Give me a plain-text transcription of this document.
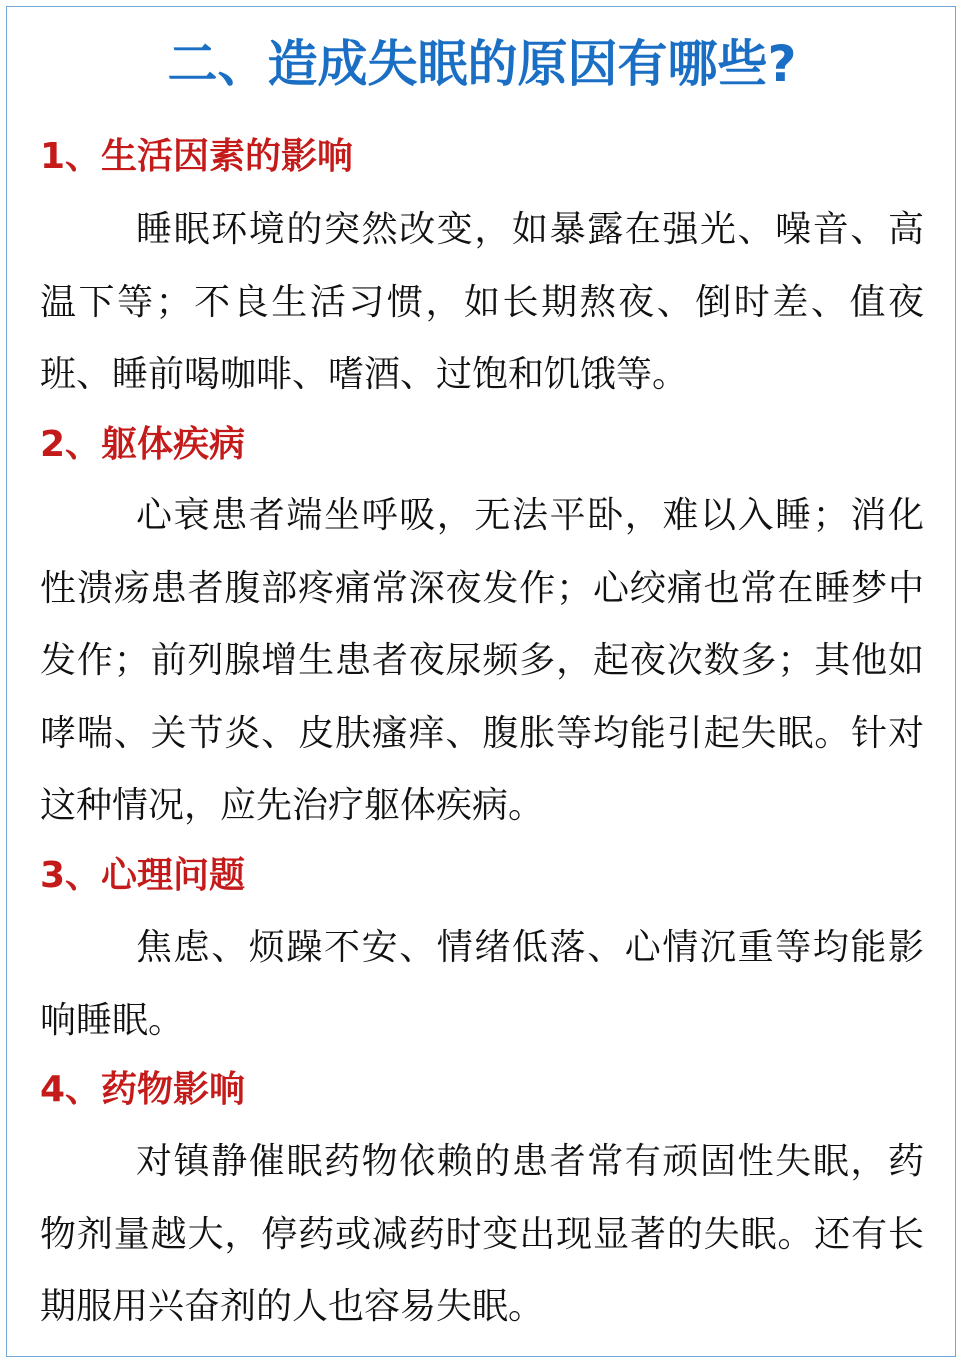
二、造成失眠的原因有哪些?
1、生活因素的影响
睡眠环境的突然改变，如暴露在强光、噪音、高温下等；不良生活习惯，如长期熬夜、倒时差、值夜班、睡前喝咖啡、嗜酒、过饱和饥饿等。
2、躯体疾病
心衰患者端坐呼吸，无法平卧，难以入睡；消化性溃疡患者腹部疼痛常深夜发作；心绞痛也常在睡梦中发作；前列腺增生患者夜尿频多，起夜次数多；其他如哮喘、关节炎、皮肤瘙痒、腹胀等均能引起失眠。针对这种情况，应先治疗躯体疾病。
3、心理问题
焦虑、烦躁不安、情绪低落、心情沉重等均能影响睡眠。
4、药物影响
对镇静催眠药物依赖的患者常有顽固性失眠，药物剂量越大，停药或减药时变出现显著的失眠。还有长期服用兴奋剂的人也容易失眠。
